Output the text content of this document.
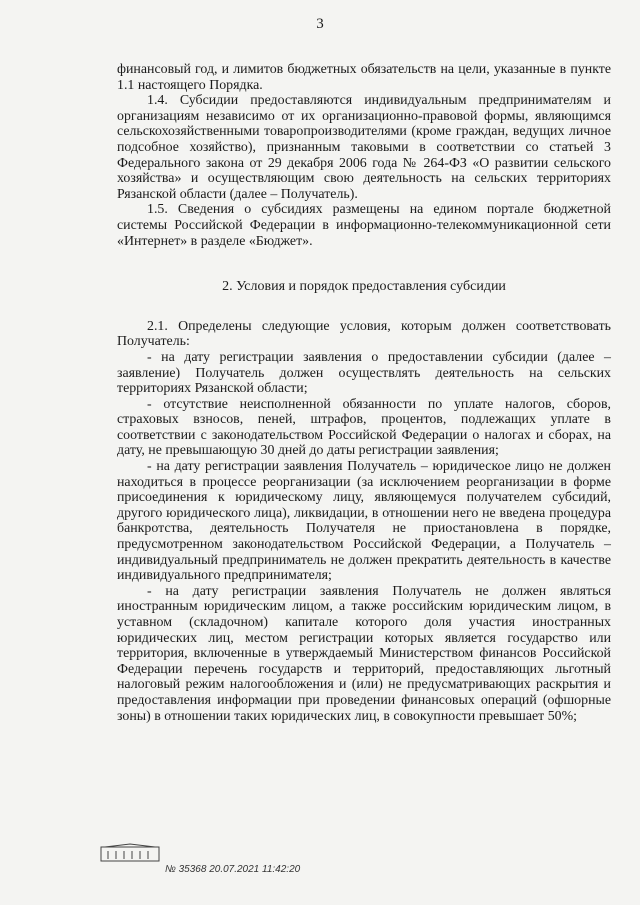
3

финансовый год, и лимитов бюджетных обязательств на цели, указанные в пункте 1.1 настоящего Порядка.

1.4. Субсидии предоставляются индивидуальным предпринимателям и организациям независимо от их организационно-правовой формы, являющимся сельскохозяйственными товаропроизводителями (кроме граждан, ведущих личное подсобное хозяйство), признанным таковыми в соответствии со статьей 3 Федерального закона от 29 декабря 2006 года № 264-ФЗ «О развитии сельского хозяйства» и осуществляющим свою деятельность на сельских территориях Рязанской области (далее – Получатель).

1.5. Сведения о субсидиях размещены на едином портале бюджетной системы Российской Федерации в информационно-телекоммуникационной сети «Интернет» в разделе «Бюджет».

2. Условия и порядок предоставления субсидии

2.1. Определены следующие условия, которым должен соответствовать Получатель:

- на дату регистрации заявления о предоставлении субсидии (далее – заявление) Получатель должен осуществлять деятельность на сельских территориях Рязанской области;

- отсутствие неисполненной обязанности по уплате налогов, сборов, страховых взносов, пеней, штрафов, процентов, подлежащих уплате в соответствии с законодательством Российской Федерации о налогах и сборах, на дату, не превышающую 30 дней до даты регистрации заявления;

- на дату регистрации заявления Получатель – юридическое лицо не должен находиться в процессе реорганизации (за исключением реорганизации в форме присоединения к юридическому лицу, являющемуся получателем субсидий, другого юридического лица), ликвидации, в отношении него не введена процедура банкротства, деятельность Получателя не приостановлена в порядке, предусмотренном законодательством Российской Федерации, а Получатель – индивидуальный предприниматель не должен прекратить деятельность в качестве индивидуального предпринимателя;

- на дату регистрации заявления Получатель не должен являться иностранным юридическим лицом, а также российским юридическим лицом, в уставном (складочном) капитале которого доля участия иностранных юридических лиц, местом регистрации которых является государство или территория, включенные в утверждаемый Министерством финансов Российской Федерации перечень государств и территорий, предоставляющих льготный налоговый режим налогообложения и (или) не предусматривающих раскрытия и предоставления информации при проведении финансовых операций (офшорные зоны) в отношении таких юридических лиц, в совокупности превышает 50%;

№ 35368 20.07.2021 11:42:20
